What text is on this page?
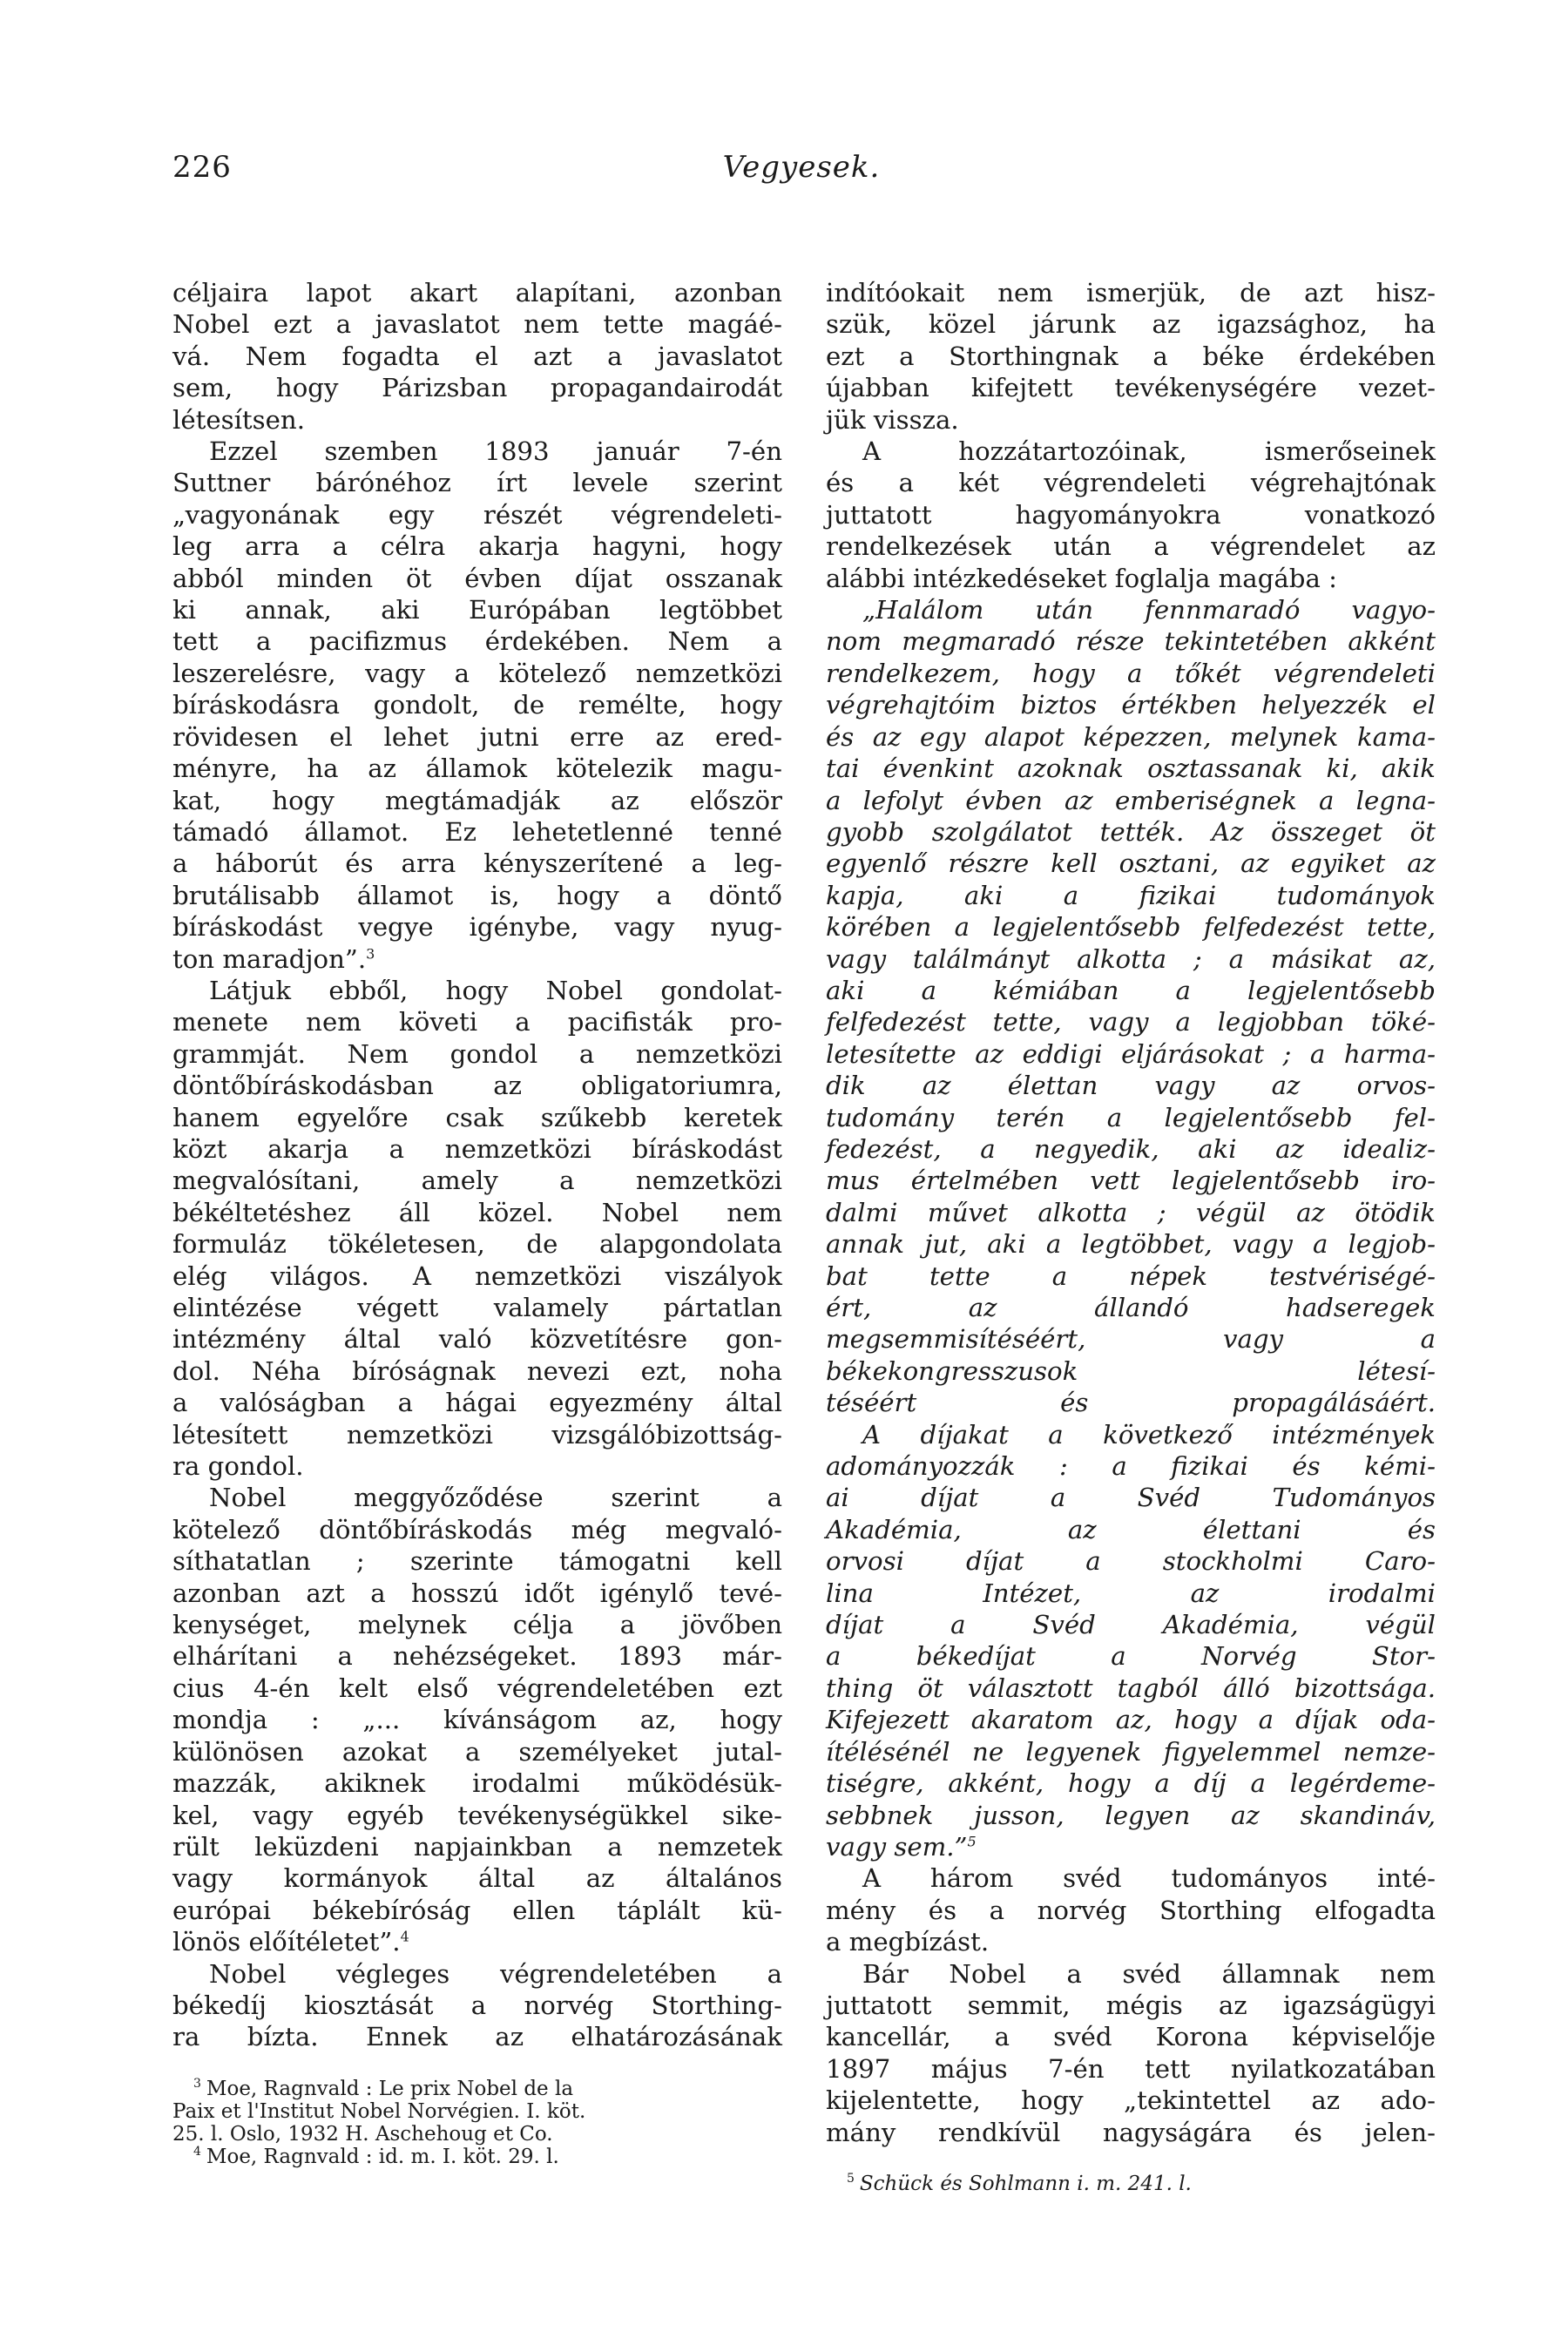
226	Vegyesek.

céljaira lapot akart alapítani, azonban
Nobel ezt a javaslatot nem tette magáé-
vá. Nem fogadta el azt a javaslatot
sem, hogy Párizsban propagandairodát
létesítsen.

Ezzel szemben 1893 január 7-én
Suttner bárónéhoz írt levele szerint
„vagyonának egy részét végrendeleti-
leg arra a célra akarja hagyni, hogy
abból minden öt évben díjat osszanak
ki annak, aki Európában legtöbbet
tett a pacifizmus érdekében. Nem a
leszerelésre, vagy a kötelező nemzetközi
bíráskodásra gondolt, de remélte, hogy
rövidesen el lehet jutni erre az ered-
ményre, ha az államok kötelezik magu-
kat, hogy megtámadják az először
támadó államot. Ez lehetetlenné tenné
a háborút és arra kényszerítené a leg-
brutálisabb államot is, hogy a döntő
bíráskodást vegye igénybe, vagy nyug-
ton maradjon”.$^3$

Látjuk ebből, hogy Nobel gondolat-
menete nem követi a pacifisták pro-
grammját. Nem gondol a nemzetközi
döntőbíráskodásban az obligatoriumra,
hanem egyelőre csak szűkebb keretek
közt akarja a nemzetközi bíráskodást
megvalósítani, amely a nemzetközi
békéltetéshez áll közel. Nobel nem
formuláz tökéletesen, de alapgondolata
elég világos. A nemzetközi viszályok
elintézése végett valamely pártatlan
intézmény által való közvetítésre gon-
dol. Néha bíróságnak nevezi ezt, noha
a valóságban a hágai egyezmény által
létesített nemzetközi vizsgálóbizottság-
ra gondol.

Nobel meggyőződése szerint a
kötelező döntőbíráskodás még megvaló-
síthatatlan ; szerinte támogatni kell
azonban azt a hosszú időt igénylő tevé-
kenységet, melynek célja a jövőben
elhárítani a nehézségeket. 1893 már-
cius 4-én kelt első végrendeletében ezt
mondja : „... kívánságom az, hogy
különösen azokat a személyeket jutal-
mazzák, akiknek irodalmi működésük-
kel, vagy egyéb tevékenységükkel sike-
rült leküzdeni napjainkban a nemzetek
vagy kormányok által az általános
európai békebíróság ellen táplált kü-
lönös előítéletet”.$^4$

Nobel végleges végrendeletében a
békedíj kiosztását a norvég Storthing-
ra bízta. Ennek az elhatározásának

$^3$ Moe, Ragnvald : Le prix Nobel de la
Paix et l'Institut Nobel Norvégien. I. köt.
25. l. Oslo, 1932 H. Aschehoug et Co.
$^4$ Moe, Ragnvald : id. m. I. köt. 29. l.

indítóokait nem ismerjük, de azt hisz-
szük, közel járunk az igazsághoz, ha
ezt a Storthingnak a béke érdekében
újabban kifejtett tevékenységére vezet-
jük vissza.

A hozzátartozóinak, ismerőseinek
és a két végrendeleti végrehajtónak
juttatott hagyományokra vonatkozó
rendelkezések után a végrendelet az
alábbi intézkedéseket foglalja magába :

„Halálom után fennmaradó vagyo-
nom megmaradó része tekintetében akként
rendelkezem, hogy a tőkét végrendeleti
végrehajtóim biztos értékben helyezzék el
és az egy alapot képezzen, melynek kama-
tai évenkint azoknak osztassanak ki, akik
a lefolyt évben az emberiségnek a legna-
gyobb szolgálatot tették. Az összeget öt
egyenlő részre kell osztani, az egyiket az
kapja, aki a fizikai tudományok
körében a legjelentősebb felfedezést tette,
vagy találmányt alkotta ; a másikat az,
aki a kémiában a legjelentősebb
felfedezést tette, vagy a legjobban töké-
letesítette az eddigi eljárásokat ; a harma-
dik az élettan vagy az orvos-
tudomány terén a legjelentősebb fel-
fedezést, a negyedik, aki az idealiz-
mus értelmében vett legjelentősebb iro-
dalmi művet alkotta ; végül az ötödik
annak jut, aki a legtöbbet, vagy a legjob-
bat tette a népek testvériségé-
ért, az állandó hadseregek
megsemmisítéséért, vagy a
békekongresszusok létesí-
téséért és propagálásáért.
A díjakat a következő intézmények
adományozzák : a fizikai és kémi-
ai díjat a Svéd Tudományos
Akadémia, az élettani és
orvosi díjat a stockholmi Caro-
lina Intézet, az irodalmi
díjat a Svéd Akadémia, végül
a békedíjat a Norvég Stor-
thing öt választott tagból álló bizottsága.
Kifejezett akaratom az, hogy a díjak oda-
ítélésénél ne legyenek figyelemmel nemze-
tiségre, akként, hogy a díj a legérdeme-
sebbnek jusson, legyen az skandináv,
vagy sem.”$^5$

A három svéd tudományos inté-
mény és a norvég Storthing elfogadta
a megbízást.

Bár Nobel a svéd államnak nem
juttatott semmit, mégis az igazságügyi
kancellár, a svéd Korona képviselője
1897 május 7-én tett nyilatkozatában
kijelentette, hogy „tekintettel az ado-
mány rendkívül nagyságára és jelen-

$^5$ Schück és Sohlmann i. m. 241. l.
